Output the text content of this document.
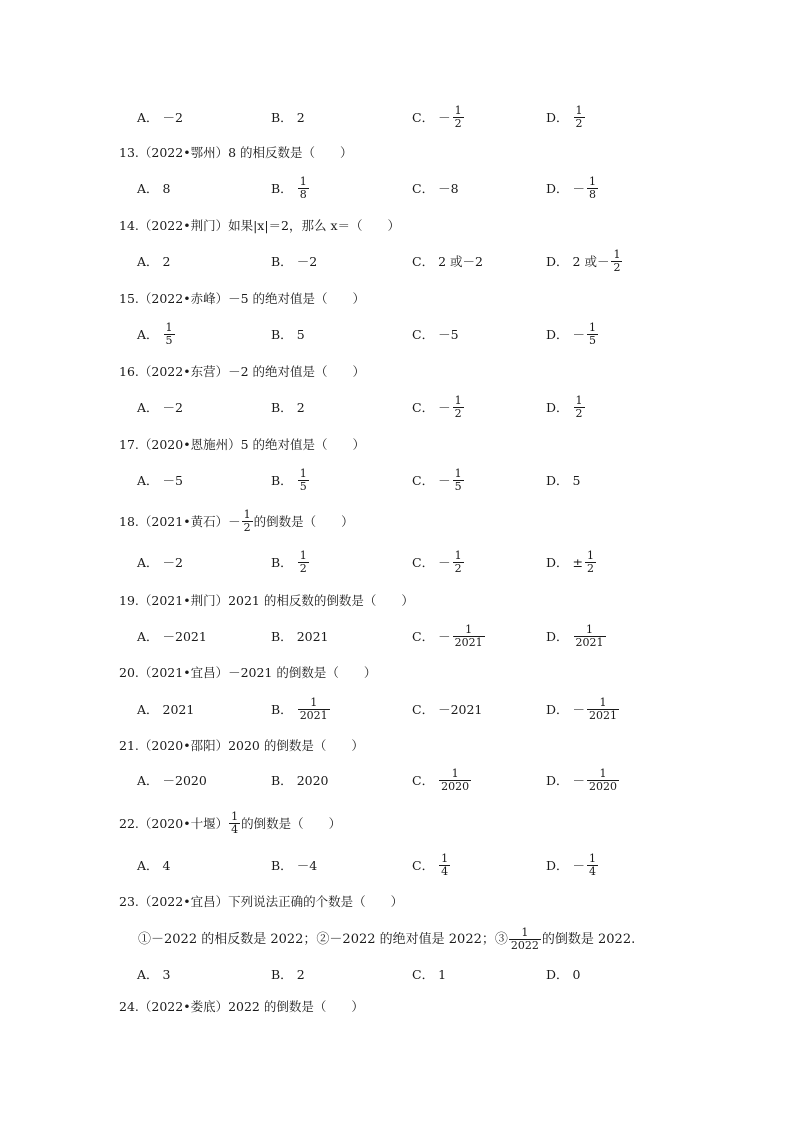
A． －2	B． 2	C． － $\frac{1}{2}$	D． $\frac{1}{2}$
13.（2022•鄂州）8 的相反数是（　　）
A． 8	B． $\frac{1}{8}$	C． －8	D． － $\frac{1}{8}$
14.（2022•荆门）如果|x|＝2，那么 x＝（　　）
A． 2	B． －2	C． 2 或－2	D． 2 或－ $\frac{1}{2}$
15.（2022•赤峰）－5 的绝对值是（　　）
A． $\frac{1}{5}$	B． 5	C． －5	D． － $\frac{1}{5}$
16.（2022•东营）－2 的绝对值是（　　）
A． －2	B． 2	C． － $\frac{1}{2}$	D． $\frac{1}{2}$
17.（2020•恩施州）5 的绝对值是（　　）
A． －5	B． $\frac{1}{5}$	C． － $\frac{1}{5}$	D． 5
18.（2021•黄石）－ $\frac{1}{2}$ 的倒数是（　　）
A． －2	B． $\frac{1}{2}$	C． － $\frac{1}{2}$	D． ± $\frac{1}{2}$
19.（2021•荆门）2021 的相反数的倒数是（　　）
A． －2021	B． 2021	C． － $\frac{1}{2021}$	D． $\frac{1}{2021}$
20.（2021•宜昌）－2021 的倒数是（　　）
A． 2021	B． $\frac{1}{2021}$	C． －2021	D． － $\frac{1}{2021}$
21.（2020•邵阳）2020 的倒数是（　　）
A． －2020	B． 2020	C． $\frac{1}{2020}$	D． － $\frac{1}{2020}$
22.（2020•十堰） $\frac{1}{4}$ 的倒数是（　　）
A． 4	B． －4	C． $\frac{1}{4}$	D． － $\frac{1}{4}$
23.（2022•宜昌）下列说法正确的个数是（　　）
①－2022 的相反数是 2022；②－2022 的绝对值是 2022；③ $\frac{1}{2022}$ 的倒数是 2022.
A． 3	B． 2	C． 1	D． 0
24.（2022•娄底）2022 的倒数是（　　）
